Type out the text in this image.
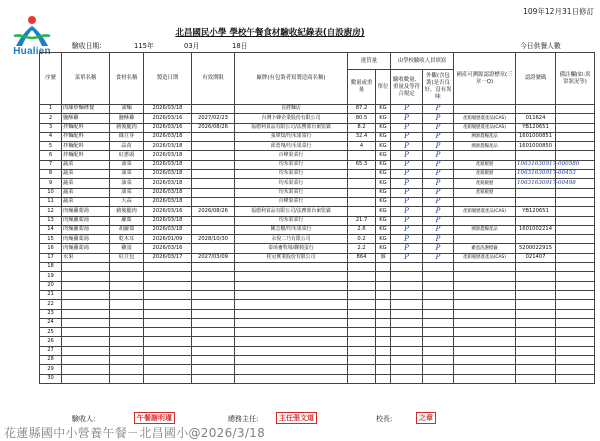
Hualien
109年12月31日修訂
北昌國民小學 學校午餐食材驗收紀錄表(自設廚房)
驗收日期:	115年	03月	18日	今日供餐人數
序號	菜單名稱	食材名稱	製造日期	有效期限	廠牌(有包裝者寫製造商名稱)	進貨量		由學校驗收人員填寫		國產可溯源認證標章(三章一Q)	認證號碼	備註欄(如:異常狀況等)
						數量或重量	單位	驗收數量、重量及等符合規定	外觀(含包裝)是否良好、沒有異味			
1	肉絲炒麵條餐	油麵	2026/03/18		良將麵店	87.2	KG	P	P			
2	鹽酥雞	鹽酥雞	2026/03/16	2027/02/23	台灣卜蜂企業股份有限公司	80.5	KG	P	P	產銷履歷農產品(CAS)	011624	
3	拌麵配料	豬後腿肉	2026/03/16	2026/08/26	福德利食品有限公司/法務部台東監獄	8.2	KG	P	P	產銷履歷農產品(CAS)	YB120651	
4	拌麵配料	綠豆芽	2026/03/18		張瑋知/均禾果菜行	32.4	KG	P	P	溯源農糧產品	1601000851	
5	拌麵配料	蒜苗	2026/03/18		邱勇翔/均禾果菜行	4	KG	P	P	溯源農糧產品	1601000850	
6	拌麵配料	紅蔥頭	2026/03/18		百峰果菜行		KG	P	P			
7	蔬菜	油菜	2026/03/18		均禾果菜行	65.3	KG	P	P	產銷履歷	10631630917-000580	
8	蔬菜	油菜	2026/03/18		均禾果菜行		KG	P	P	產銷履歷	10631630917-00453	
9	蔬菜	油菜	2026/03/18		均禾果菜行		KG	P	P	產銷履歷	10631630917-00498	
10	蔬菜	油菜	2026/03/18		均禾果菜行		KG	P	P	產銷履歷		
11	蔬菜	大蒜	2026/03/18		百峰果菜行		KG	P	P			
12	肉燥蘿蔔湯	豬後腿肉	2026/03/16	2026/08/26	福德利食品有限公司/法務部台東監獄		KG	P	P	產銷履歷農產品(CAS)	YB120651	
13	肉燥蘿蔔湯	蘿蔔	2026/03/18		均禾果菜行	21.7	KG	P	P			
14	肉燥蘿蔔湯	胡蘿蔔	2026/03/18		陳志樹/均禾果菜行	2.6	KG	P	P	溯源農糧產品	1601002214	
15	肉燥蘿蔔湯	乾木耳	2026/01/09	2028/10/30	永悅二乃有限公司	0.2	KG	P	P			
16	肉燥蘿蔔湯	雞蛋	2026/03/16		泰璋畜牧場/聯興蛋行	2.2	KG	P	P	雞蛋洗選標籤	5200022915	
17	水果	紅豆包	2026/03/17	2027/03/09	桂冠實業股份有限公司	864	個	P	P	產銷履歷農產品(CAS)	021407	
18												
19												
20												
21												
22												
23												
24												
25												
26												
27												
28												
29												
30												
驗收人:	午餐謝明瑾	總務主任:	主任張文道	校長:	之章
花蓮縣國中小營養午餐－北昌國小@2026/3/18
